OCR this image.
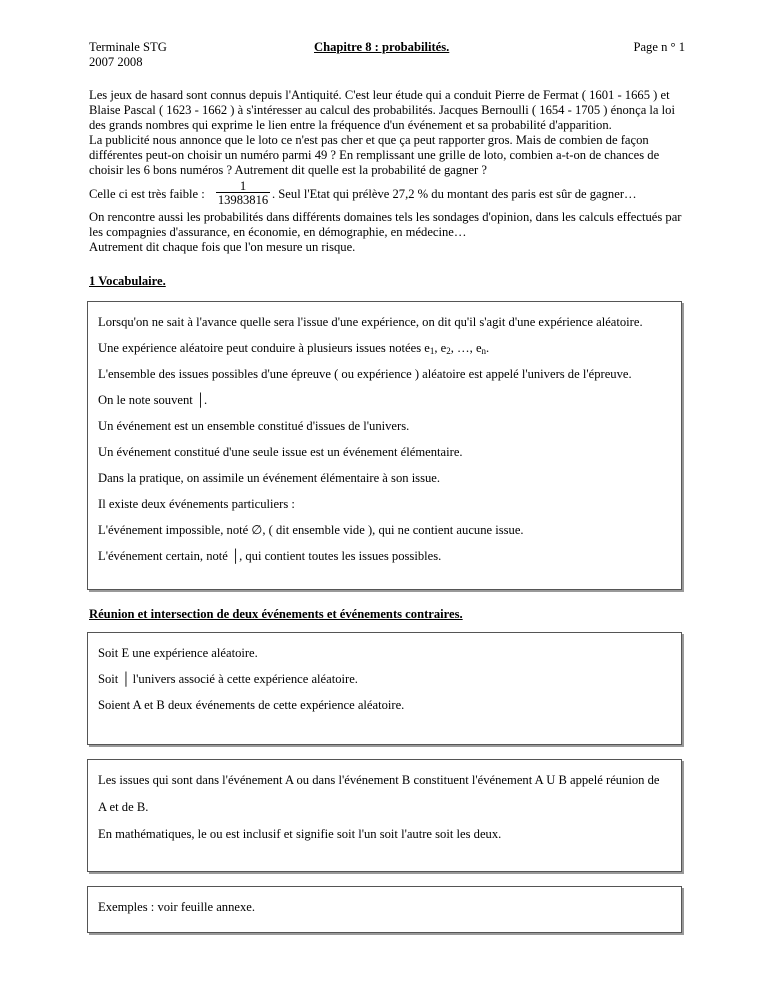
Terminale STG
2007 2008
Chapitre 8 : probabilités.	Page n ° 1

Les jeux de hasard sont connus depuis l'Antiquité. C'est leur étude qui a conduit Pierre de Fermat ( 1601 - 1665 ) et Blaise Pascal ( 1623 - 1662 ) à s'intéresser au calcul des probabilités. Jacques Bernoulli ( 1654 - 1705 ) énonça la loi des grands nombres qui exprime le lien entre la fréquence d'un événement et sa probabilité d'apparition.

La publicité nous annonce que le loto ce n'est pas cher et que ça peut rapporter gros. Mais de combien de façon différentes peut-on choisir un numéro parmi 49 ? En remplissant une grille de loto, combien a-t-on de chances de choisir les 6 bons numéros ? Autrement dit quelle est la probabilité de gagner ?

Celle ci est très faible : $\frac{1}{13983816}$ . Seul l'Etat qui prélève 27,2 % du montant des paris est sûr de gagner…

On rencontre aussi les probabilités dans différents domaines tels les sondages d'opinion, dans les calculs effectués par les compagnies d'assurance, en économie, en démographie, en médecine…

Autrement dit chaque fois que l'on mesure un risque.

1 Vocabulaire.

Lorsqu'on ne sait à l'avance quelle sera l'issue d'une expérience, on dit qu'il s'agit d'une expérience aléatoire.

Une expérience aléatoire peut conduire à plusieurs issues notées $e_1$, $e_2$, …, $e_n$.

L'ensemble des issues possibles d'une épreuve ( ou expérience ) aléatoire est appelé l'univers de l'épreuve.

On le note souvent │.

Un événement est un ensemble constitué d'issues de l'univers.

Un événement constitué d'une seule issue est un événement élémentaire.

Dans la pratique, on assimile un événement élémentaire à son issue.

Il existe deux événements particuliers :

L'événement impossible, noté ∅, ( dit ensemble vide ), qui ne contient aucune issue.

L'événement certain, noté │, qui contient toutes les issues possibles.

Réunion et intersection de deux événements et événements contraires.

Soit E une expérience aléatoire.

Soit │ l'univers associé à cette expérience aléatoire.

Soient A et B deux événements de cette expérience aléatoire.

Les issues qui sont dans l'événement A ou dans l'événement B constituent l'événement A U B appelé réunion de

A et de B.

En mathématiques, le ou est inclusif et signifie soit l'un soit l'autre soit les deux.

Exemples : voir feuille annexe.
